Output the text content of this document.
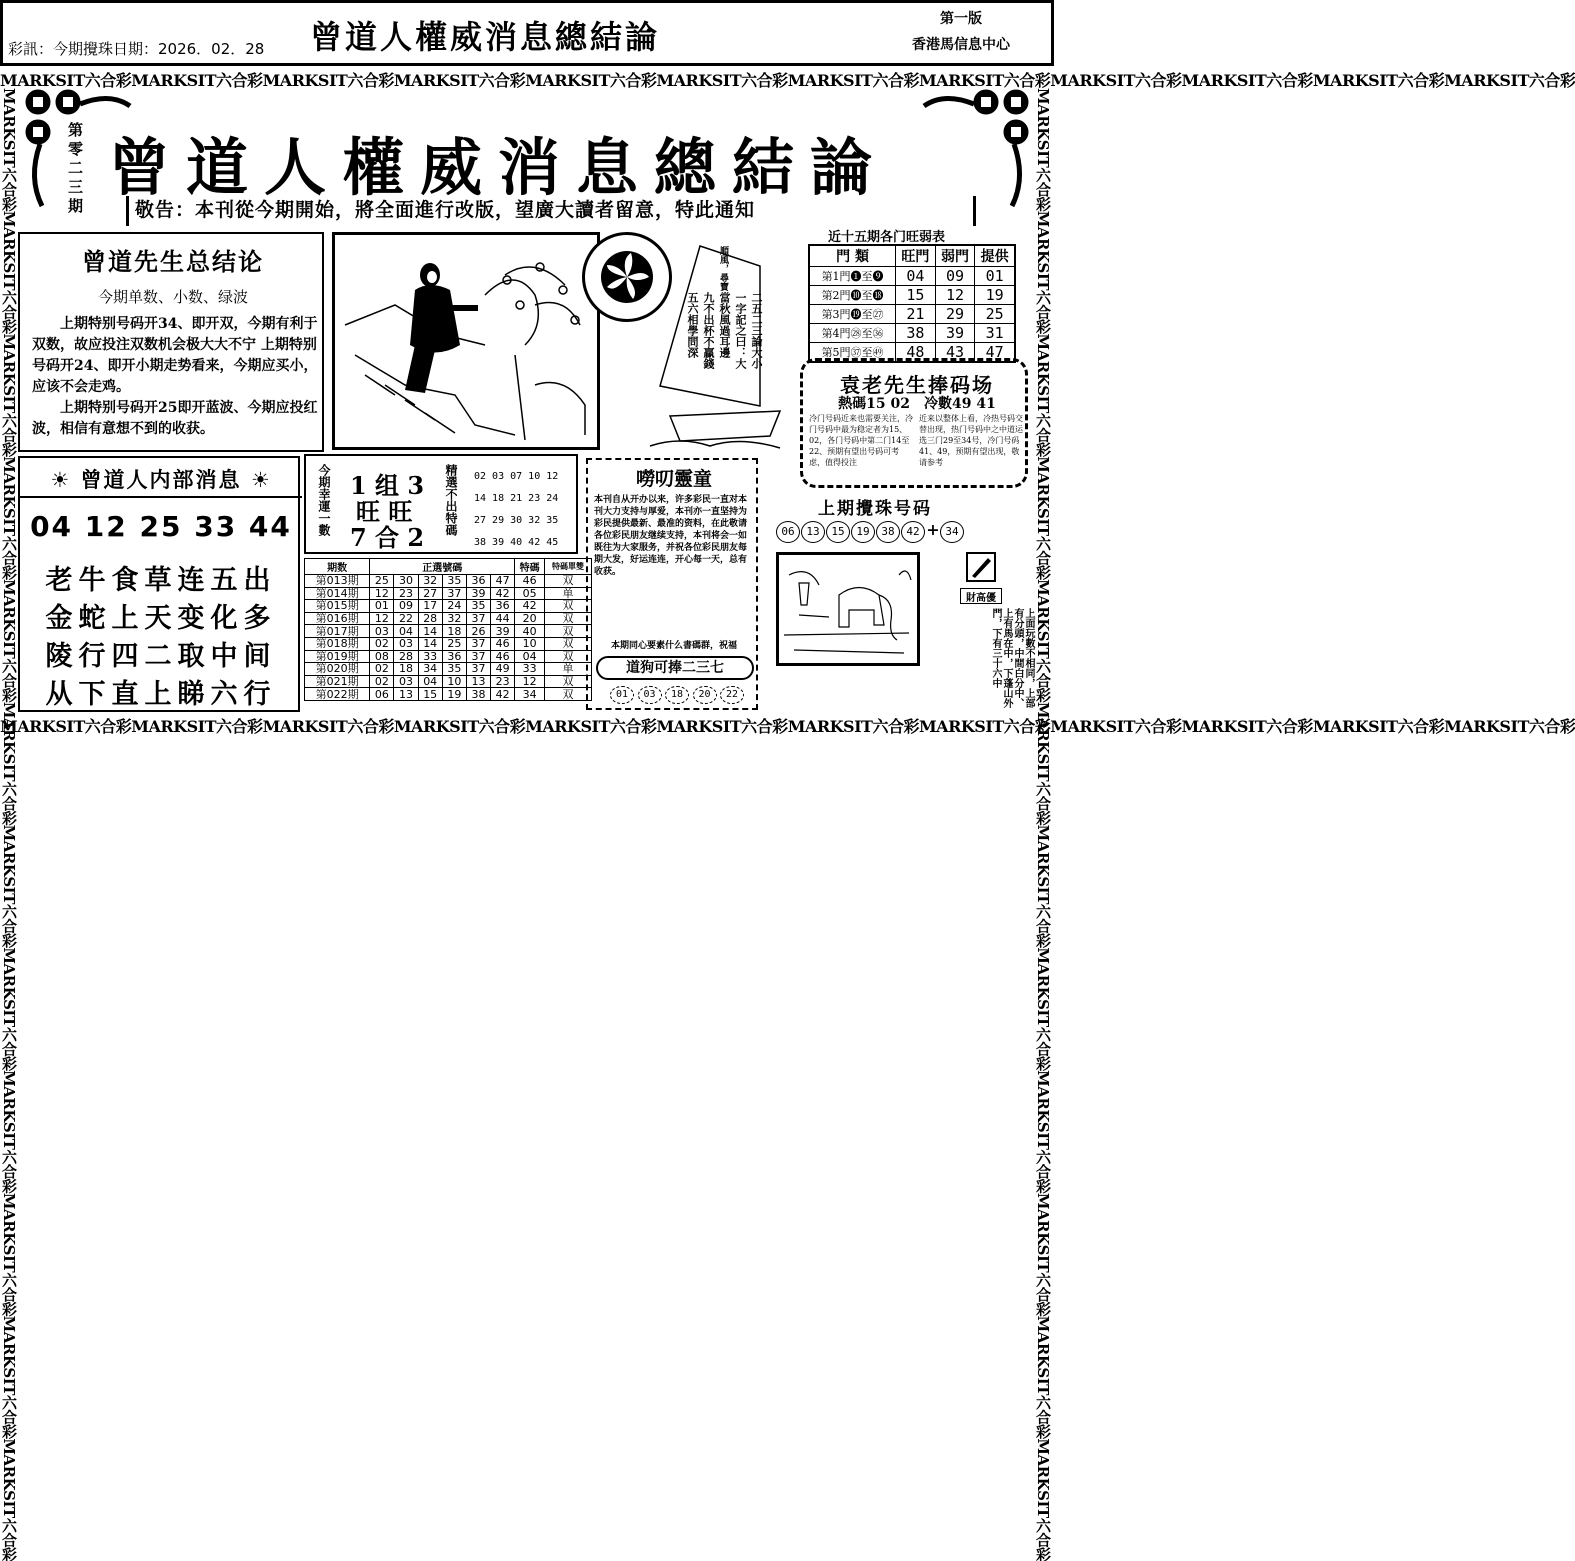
彩訊：今期攪珠日期：2026．02．28 曾道人權威消息總結論	第一版
香港馬信息中心
MARKSIT六合彩MARKSIT六合彩MARKSIT六合彩MARKSIT六合彩MARKSIT六合彩MARKSIT六合彩MARKSIT六合彩MARKSIT六合彩MARKSIT六合彩MARKSIT六合彩MARKSIT六合彩MARKSIT六合彩
MARKSIT六合彩MARKSIT六合彩MARKSIT六合彩MARKSIT六合彩MARKSIT六合彩MARKSIT六合彩MARKSIT六合彩MARKSIT六合彩MARKSIT六合彩MARKSIT六合彩MARKSIT六合彩MARKSIT六合彩
MARKSIT六合彩MARKSIT六合彩MARKSIT六合彩MARKSIT六合彩MARKSIT六合彩MARKSIT六合彩MARKSIT六合彩MARKSIT六合彩MARKSIT六合彩MARKSIT六合彩MARKSIT六合彩MARKSIT六合彩
MARKSIT六合彩MARKSIT六合彩MARKSIT六合彩MARKSIT六合彩MARKSIT六合彩MARKSIT六合彩MARKSIT六合彩MARKSIT六合彩MARKSIT六合彩MARKSIT六合彩MARKSIT六合彩MARKSIT六合彩
第零二三期 曾道人權威消息總結論
敬告：本刊從今期開始，將全面進行改版，望廣大讀者留意，特此通知
曾道先生总结论
今期单数、小数、绿波

上期特别号码开34、即开双，今期有利于双数，故应投注双数机会极大大不宁 上期特别号码开24、即开小期走势看来，今期应买小，应该不会走鸡。

上期特别号码开25即开蓝波、今期应投红波，相信有意想不到的收获。

順風，尋寶
二五二三論大小
一字記之曰：大
當秋風過耳邊
九不出杯不贏錢
五六相學問深
近十五期各门旺弱表
門 類	旺門	弱門	提供
第1門❶至❾	04	09	01
第2門❿至⓲	15	12	19
第3門⓳至㉗	21	29	25
第4門㉘至㊱	38	39	31
第5門㊲至㊾	48	43	47
袁老先生捧码场
熱碼15 02　冷數49 41
冷门号码近来也需要关注，冷门号码中最为稳定者为15、02，各门号码中第二门14至22、预期有望出号码可考虑，值得投注
近来以整体上看，冷热号码交替出现，热门号码中之中道运选三门29至34号，冷门号码41、49，预期有望出现，敬请参考
上期攪珠号码
06 13 15 19 38 42 + 34
☀ 曾道人内部消息 ☀
04 12 25 33 44
老牛食草连五出
金蛇上天变化多
陵行四二取中间
从下直上睇六行
今期幸運一數 1 组 3
旺 旺
7 合 2
精選不出特碼 02 03 07 10 12
14 18 21 23 24
27 29 30 32 35
38 39 40 42 45
期数	正選號碼						特碼	特碼單雙
第013期	25	30	32	35	36	47	46	双
第014期	12	23	27	37	39	42	05	单
第015期	01	09	17	24	35	36	42	双
第016期	12	22	28	32	37	44	20	双
第017期	03	04	14	18	26	39	40	双
第018期	02	03	14	25	37	46	10	双
第019期	08	28	33	36	37	46	04	双
第020期	02	18	34	35	37	49	33	单
第021期	02	03	04	10	13	23	12	双
第022期	06	13	15	19	38	42	34	双
嘮叨靈童
本刊自从开办以来，许多彩民一直对本刊大力支持与厚爱，本刊亦一直坚持为彩民提供最新、最准的资料，在此敬请各位彩民朋友继续支持，本刊将会一如既往为大家服务，并祝各位彩民朋友每期大发，好运连连，开心每一天，总有收获。
本期同心要素什么書碼群，祝福
道狗可捧二三七
01 03 18 20 22
財高優
上面玩數不相同，上部有分頭，中間白分中、上有馬在中，下蓬山外門，下有三十六中
